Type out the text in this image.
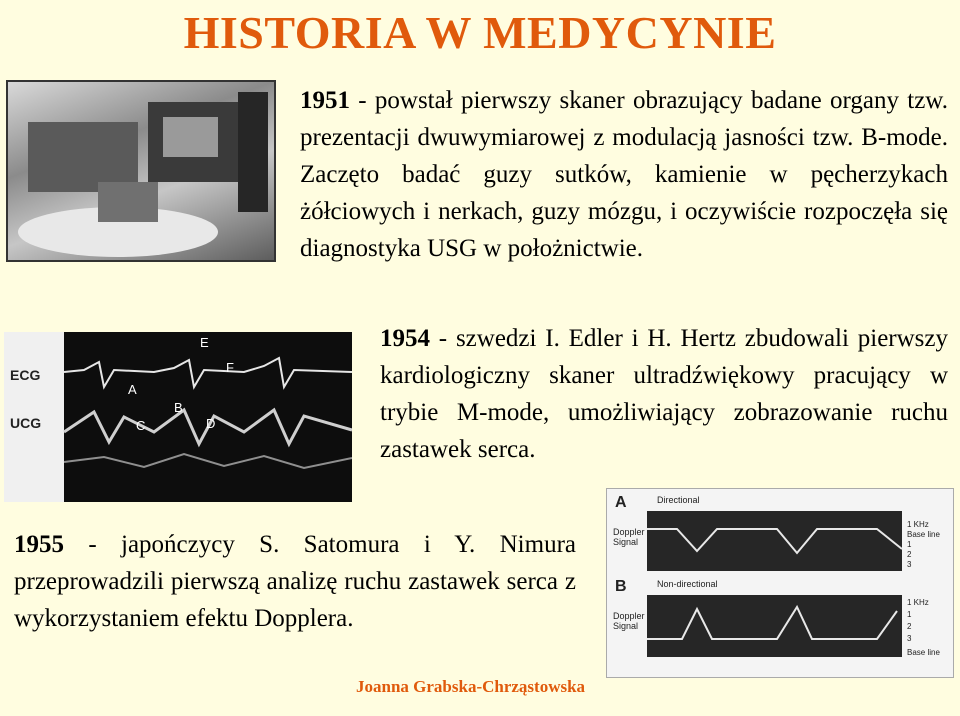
HISTORIA W MEDYCYNIE
1951 - powstał pierwszy skaner obrazujący badane organy tzw. prezentacji dwuwymiarowej z modulacją jasności tzw. B-mode. Zaczęto badać guzy sutków, kamienie w pęcherzykach żółciowych i nerkach, guzy mózgu, i oczywiście rozpoczęła się diagnostyka USG w położnictwie.
ECG
UCG
E
F
A
B
C	D
1954 - szwedzi I. Edler i H. Hertz zbudowali pierwszy kardiologiczny skaner ultradźwiękowy pracujący w trybie M-mode, umożliwiający zobrazowanie ruchu zastawek serca.
1955 - japończycy S. Satomura i Y. Nimura przeprowadzili pierwszą analizę ruchu zastawek serca z wykorzystaniem efektu Dopplera.
A	Directional
Doppler
Signal
1 KHz
Base line
1
2
3
B	Non-directional
Doppler
Signal
1 KHz
1
2
3
Base line
Joanna Grabska-Chrząstowska
